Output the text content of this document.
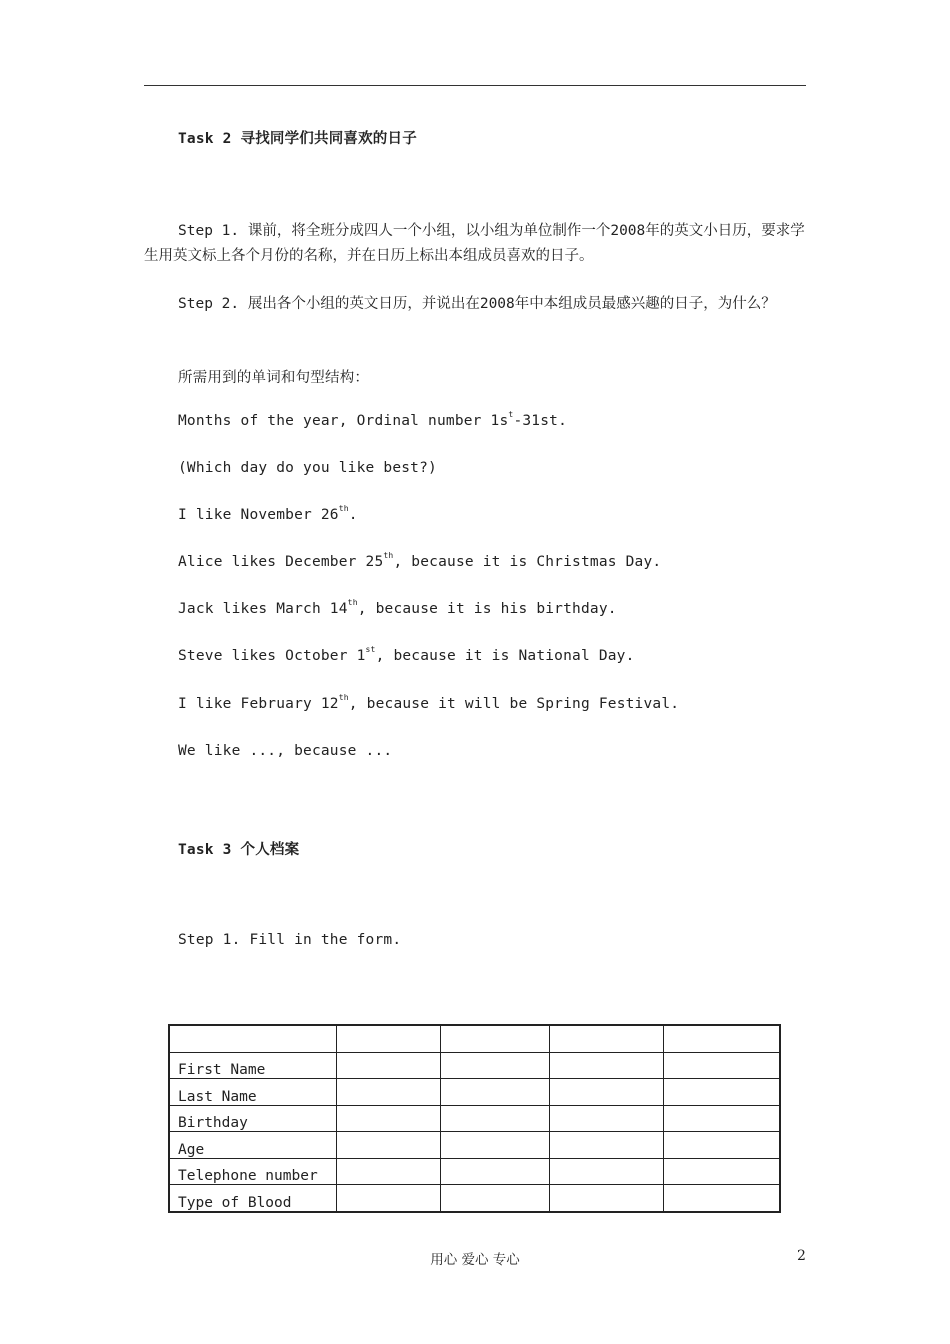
Task 2 寻找同学们共同喜欢的日子
Step 1. 课前，将全班分成四人一个小组，以小组为单位制作一个2008年的英文小日历，要求学生用英文标上各个月份的名称，并在日历上标出本组成员喜欢的日子。
Step 2. 展出各个小组的英文日历，并说出在2008年中本组成员最感兴趣的日子，为什么？
所需用到的单词和句型结构：
Months of the year, Ordinal number $1s^t-31st$.
(Which day do you like best?)
I like November 26th.
Alice likes December 25th, because it is Christmas Day.
Jack likes March 14th, because it is his birthday.
Steve likes October 1st, because it is National Day.
I like February 12th, because it will be Spring Festival.
We like ..., because ...
Task 3 个人档案
Step 1. Fill in the form.

First Name				
Last Name				
Birthday				
Age				
Telephone number				
Type of Blood				
用心 爱心 专心	2
